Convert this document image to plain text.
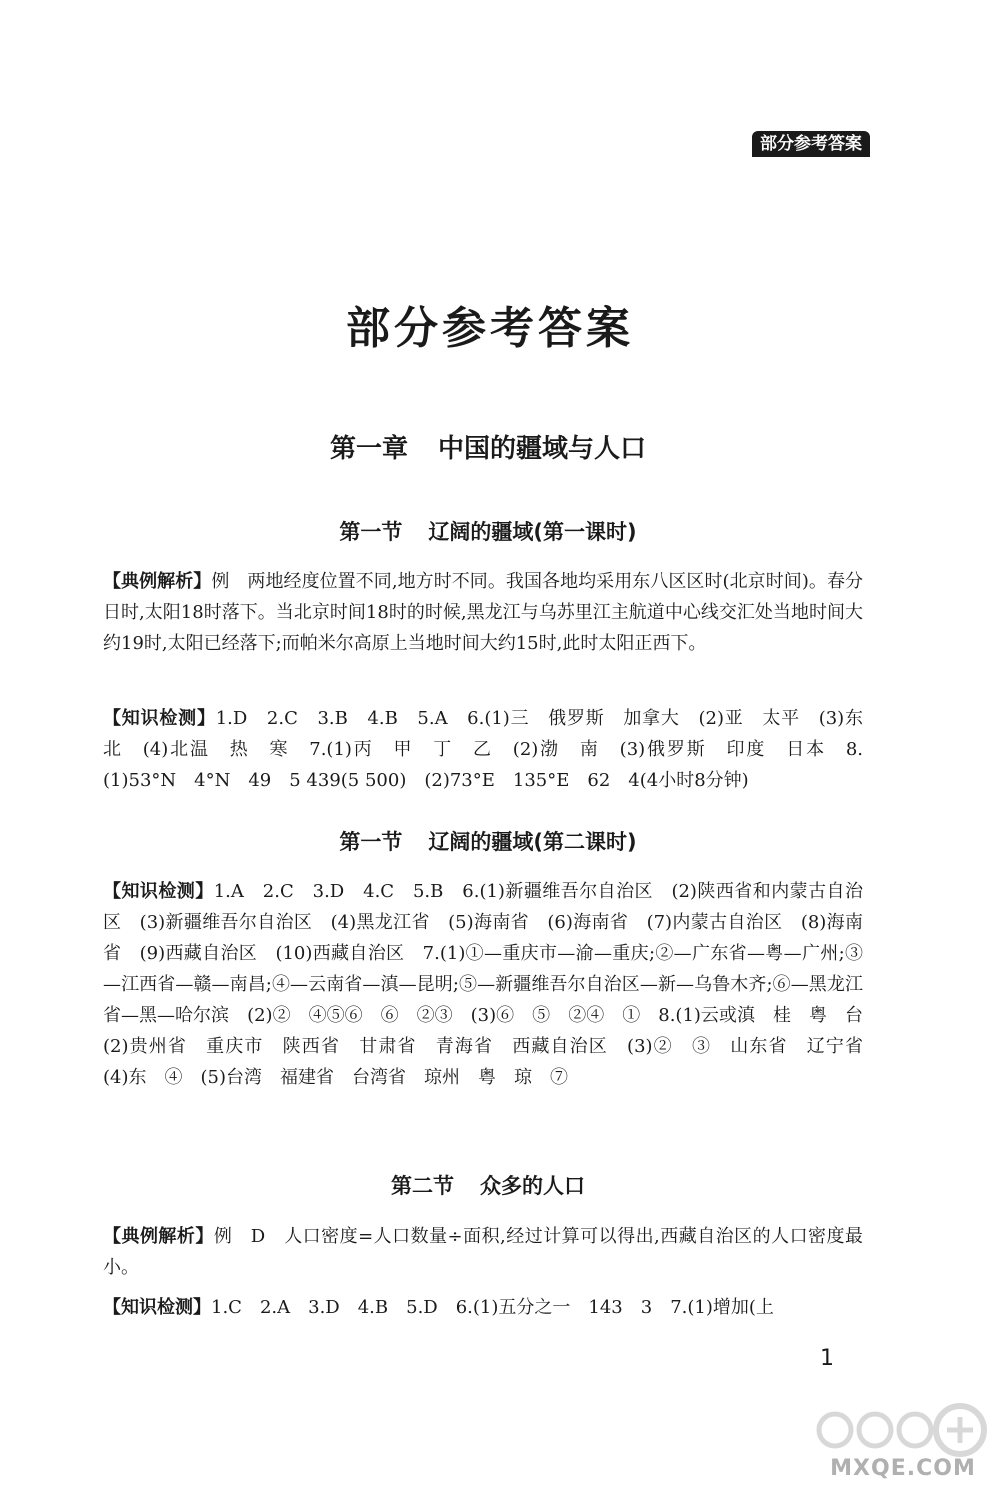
部分参考答案
部分参考答案
第一章 中国的疆域与人口
第一节 辽阔的疆域(第一课时)
【典例解析】例　两地经度位置不同,地方时不同。我国各地均采用东八区区时(北京时间)。春分日时,太阳18时落下。当北京时间18时的时候,黑龙江与乌苏里江主航道中心线交汇处当地时间大约19时,太阳已经落下;而帕米尔高原上当地时间大约15时,此时太阳正西下。
【知识检测】1.D　2.C　3.B　4.B　5.A　6.(1)三　俄罗斯　加拿大　(2)亚　太平　(3)东　北　(4)北温　热　寒　7.(1)丙　甲　丁　乙　(2)渤　南　(3)俄罗斯　印度　日本　8.(1)53°N　4°N　49　5 439(5 500)　(2)73°E　135°E　62　4(4小时8分钟)
第一节 辽阔的疆域(第二课时)
【知识检测】1.A　2.C　3.D　4.C　5.B　6.(1)新疆维吾尔自治区　(2)陕西省和内蒙古自治区　(3)新疆维吾尔自治区　(4)黑龙江省　(5)海南省　(6)海南省　(7)内蒙古自治区　(8)海南省　(9)西藏自治区　(10)西藏自治区　7.(1)①—重庆市—渝—重庆;②—广东省—粤—广州;③—江西省—赣—南昌;④—云南省—滇—昆明;⑤—新疆维吾尔自治区—新—乌鲁木齐;⑥—黑龙江省—黑—哈尔滨　(2)②　④⑤⑥　⑥　②③　(3)⑥　⑤　②④　①　8.(1)云或滇　桂　粤　台　(2)贵州省　重庆市　陕西省　甘肃省　青海省　西藏自治区　(3)②　③　山东省　辽宁省　(4)东　④　(5)台湾　福建省　台湾省　琼州　粤　琼　⑦
第二节 众多的人口
【典例解析】例　D　人口密度=人口数量÷面积,经过计算可以得出,西藏自治区的人口密度最小。
【知识检测】1.C　2.A　3.D　4.B　5.D　6.(1)五分之一　143　3　7.(1)增加(上
1
MXQE.COM
